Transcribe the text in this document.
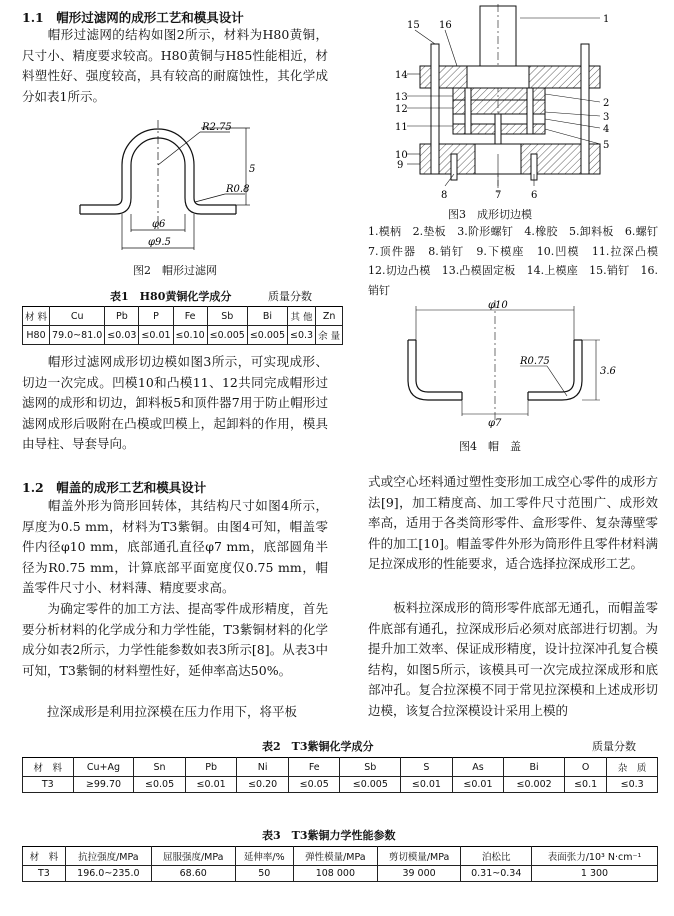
1.1　帽形过滤网的成形工艺和模具设计
　　帽形过滤网的结构如图2所示，材料为H80黄铜，尺寸小、精度要求较高。H80黄铜与H85性能相近，材料塑性好、强度较高，具有较高的耐腐蚀性，其化学成分如表1所示。
R2.75
R0.8
φ6
φ9.5
5
图2　帽形过滤网
表1　H80黄铜化学成分	质量分数
材 料	Cu	Pb	P	Fe	Sb	Bi	其 他	Zn
H80	79.0~81.0	≤0.03	≤0.01	≤0.10	≤0.005	≤0.005	≤0.3	余 量
　　帽形过滤网成形切边模如图3所示，可实现成形、切边一次完成。凹模10和凸模11、12共同完成帽形过滤网的成形和切边，卸料板5和顶件器7用于防止帽形过滤网成形后吸附在凸模或凹模上，起卸料的作用，模具由导柱、导套导向。
1.2　帽盖的成形工艺和模具设计
　　帽盖外形为筒形回转体，其结构尺寸如图4所示，厚度为0.5 mm，材料为T3紫铜。由图4可知，帽盖零件内径φ10 mm，底部通孔直径φ7 mm，底部圆角半径为R0.75 mm，计算底部平面宽度仅0.75 mm，帽盖零件尺寸小、材料薄、精度要求高。
　　为确定零件的加工方法、提高零件成形精度，首先要分析材料的化学成分和力学性能，T3紫铜材料的化学成分如表2所示，力学性能参数如表3所示[8]。从表3中可知，T3紫铜的材料塑性好，延伸率高达50%。
　　拉深成形是利用拉深模在压力作用下，将平板
1
2
3
4
5
6
7
8
9
10
11
12
13
14
15 16
图3　成形切边模
1.模柄　2.垫板　3.阶形螺钉　4.橡胶　5.卸料板　6.螺钉　7.顶件器　8.销钉　9.下模座　10.凹模　11.拉深凸模　12.切边凸模　13.凸模固定板　14.上模座　15.销钉　16.销钉
φ10
φ7
R0.75
3.6
图4　帽　盖
式或空心坯料通过塑性变形加工成空心零件的成形方法[9]，加工精度高、加工零件尺寸范围广、成形效率高，适用于各类筒形零件、盒形零件、复杂薄壁零件的加工[10]。帽盖零件外形为筒形件且零件材料满足拉深成形的性能要求，适合选择拉深成形工艺。
　　板料拉深成形的筒形零件底部无通孔，而帽盖零件底部有通孔，拉深成形后必须对底部进行切割。为提升加工效率、保证成形精度，设计拉深冲孔复合模结构，如图5所示，该模具可一次完成拉深成形和底部冲孔。复合拉深模不同于常见拉深模和上述成形切边模，该复合拉深模设计采用上模的
表2　T3紫铜化学成分	质量分数
材　料	Cu+Ag	Sn	Pb	Ni	Fe	Sb	S	As	Bi	O	杂　质
T3	≥99.70	≤0.05	≤0.01	≤0.20	≤0.05	≤0.005	≤0.01	≤0.01	≤0.002	≤0.1	≤0.3
表3　T3紫铜力学性能参数
材　料	抗拉强度/MPa	屈服强度/MPa	延伸率/%	弹性模量/MPa	剪切模量/MPa	泊松比	表面张力/10³ N·cm⁻¹
T3	196.0~235.0	68.60	50	108 000	39 000	0.31~0.34	1 300
